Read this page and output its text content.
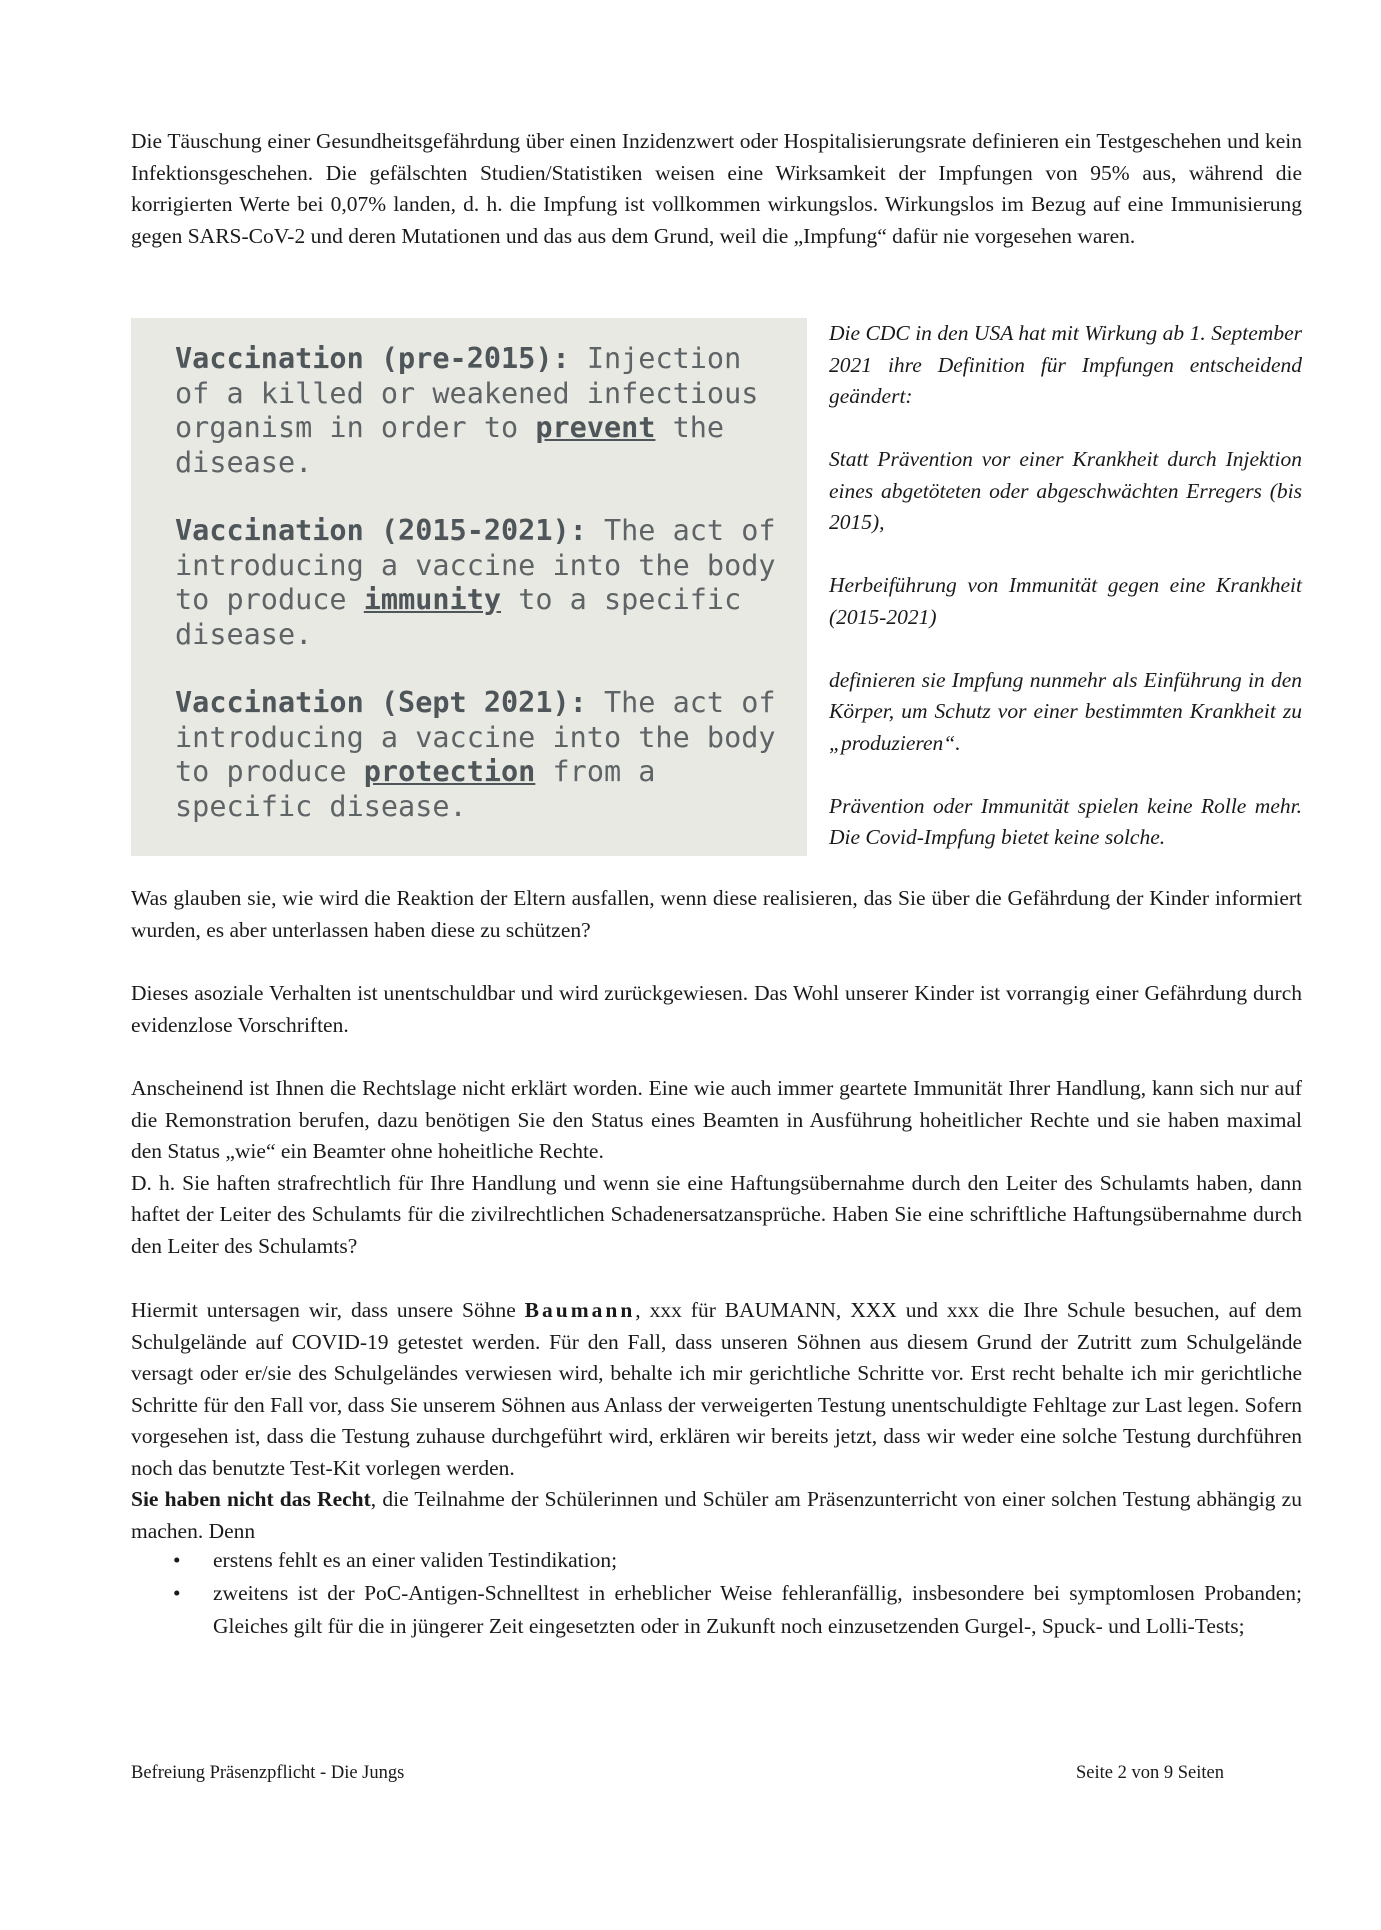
Die Täuschung einer Gesundheitsgefährdung über einen Inzidenzwert oder Hospitalisierungsrate definieren ein Testgeschehen und kein Infektionsgeschehen. Die gefälschten Studien/Statistiken weisen eine Wirksamkeit der Impfungen von 95% aus, während die korrigierten Werte bei 0,07% landen, d. h. die Impfung ist vollkommen wirkungslos. Wirkungslos im Bezug auf eine Immunisierung gegen SARS-CoV-2 und deren Mutationen und das aus dem Grund, weil die „Impfung“ dafür nie vorgesehen waren.

Vaccination (pre-2015): Injection of a killed or weakened infectious organism in order to prevent the disease.

Vaccination (2015-2021): The act of introducing a vaccine into the body to produce immunity to a specific disease.

Vaccination (Sept 2021): The act of introducing a vaccine into the body to produce protection from a specific disease.

Die CDC in den USA hat mit Wirkung ab 1. September 2021 ihre Definition für Impfungen entscheidend geändert:

Statt Prävention vor einer Krankheit durch Injektion eines abgetöteten oder abgeschwächten Erregers (bis 2015),

Herbeiführung von Immunität gegen eine Krankheit (2015-2021)

definieren sie Impfung nunmehr als Einführung in den Körper, um Schutz vor einer bestimmten Krankheit zu „produzieren“.

Prävention oder Immunität spielen keine Rolle mehr. Die Covid-Impfung bietet keine solche.

Was glauben sie, wie wird die Reaktion der Eltern ausfallen, wenn diese realisieren, das Sie über die Gefährdung der Kinder informiert wurden, es aber unterlassen haben diese zu schützen?

Dieses asoziale Verhalten ist unentschuldbar und wird zurückgewiesen. Das Wohl unserer Kinder ist vorrangig einer Gefährdung durch evidenzlose Vorschriften.

Anscheinend ist Ihnen die Rechtslage nicht erklärt worden. Eine wie auch immer geartete Immunität Ihrer Handlung, kann sich nur auf die Remonstration berufen, dazu benötigen Sie den Status eines Beamten in Ausführung hoheitlicher Rechte und sie haben maximal den Status „wie“ ein Beamter ohne hoheitliche Rechte.
D. h. Sie haften strafrechtlich für Ihre Handlung und wenn sie eine Haftungsübernahme durch den Leiter des Schulamts haben, dann haftet der Leiter des Schulamts für die zivilrechtlichen Schadenersatzansprüche. Haben Sie eine schriftliche Haftungsübernahme durch den Leiter des Schulamts?
Hiermit untersagen wir, dass unsere Söhne Baumann, xxx für BAUMANN, XXX und xxx die Ihre Schule besuchen, auf dem Schulgelände auf COVID-19 getestet werden. Für den Fall, dass unseren Söhnen aus diesem Grund der Zutritt zum Schulgelände versagt oder er/sie des Schulgeländes verwiesen wird, behalte ich mir gerichtliche Schritte vor. Erst recht behalte ich mir gerichtliche Schritte für den Fall vor, dass Sie unserem Söhnen aus Anlass der verweigerten Testung unentschuldigte Fehltage zur Last legen. Sofern vorgesehen ist, dass die Testung zuhause durchgeführt wird, erklären wir bereits jetzt, dass wir weder eine solche Testung durchführen noch das benutzte Test-Kit vorlegen werden.
Sie haben nicht das Recht, die Teilnahme der Schülerinnen und Schüler am Präsenzunterricht von einer solchen Testung abhängig zu machen. Denn
• erstens fehlt es an einer validen Testindikation;
• zweitens ist der PoC-Antigen-Schnelltest in erheblicher Weise fehleranfällig, insbesondere bei symptomlosen Probanden; Gleiches gilt für die in jüngerer Zeit eingesetzten oder in Zukunft noch einzusetzenden Gurgel-, Spuck- und Lolli-Tests;
Befreiung Präsenzpflicht - Die Jungs	Seite 2 von 9 Seiten
